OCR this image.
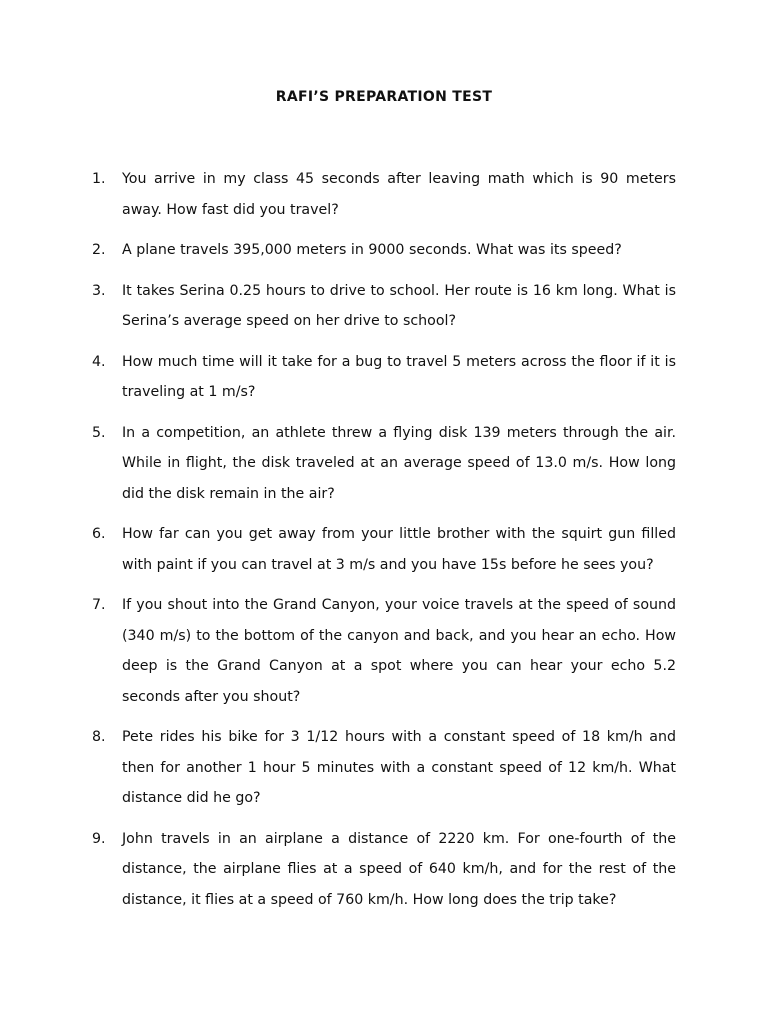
RAFI’S PREPARATION TEST
1.	You arrive in my class 45 seconds after leaving math which is 90 meters away. How fast did you travel?
2.	A plane travels 395,000 meters in 9000 seconds. What was its speed?
3.	It takes Serina 0.25 hours to drive to school. Her route is 16 km long. What is Serina’s average speed on her drive to school?
4.	How much time will it take for a bug to travel 5 meters across the floor if it is traveling at 1 m/s?
5.	In a competition, an athlete threw a flying disk 139 meters through the air. While in flight, the disk traveled at an average speed of 13.0 m/s. How long did the disk remain in the air?
6.	How far can you get away from your little brother with the squirt gun filled with paint if you can travel at 3 m/s and you have 15s before he sees you?
7.	If you shout into the Grand Canyon, your voice travels at the speed of sound (340 m/s) to the bottom of the canyon and back, and you hear an echo. How deep is the Grand Canyon at a spot where you can hear your echo 5.2 seconds after you shout?
8.	Pete rides his bike for 3 1/12 hours with a constant speed of 18 km/h and then for another 1 hour 5 minutes with a constant speed of 12 km/h. What distance did he go?
9.	John travels in an airplane a distance of 2220 km. For one-fourth of the distance, the airplane flies at a speed of 640 km/h, and for the rest of the distance, it flies at a speed of 760 km/h. How long does the trip take?
